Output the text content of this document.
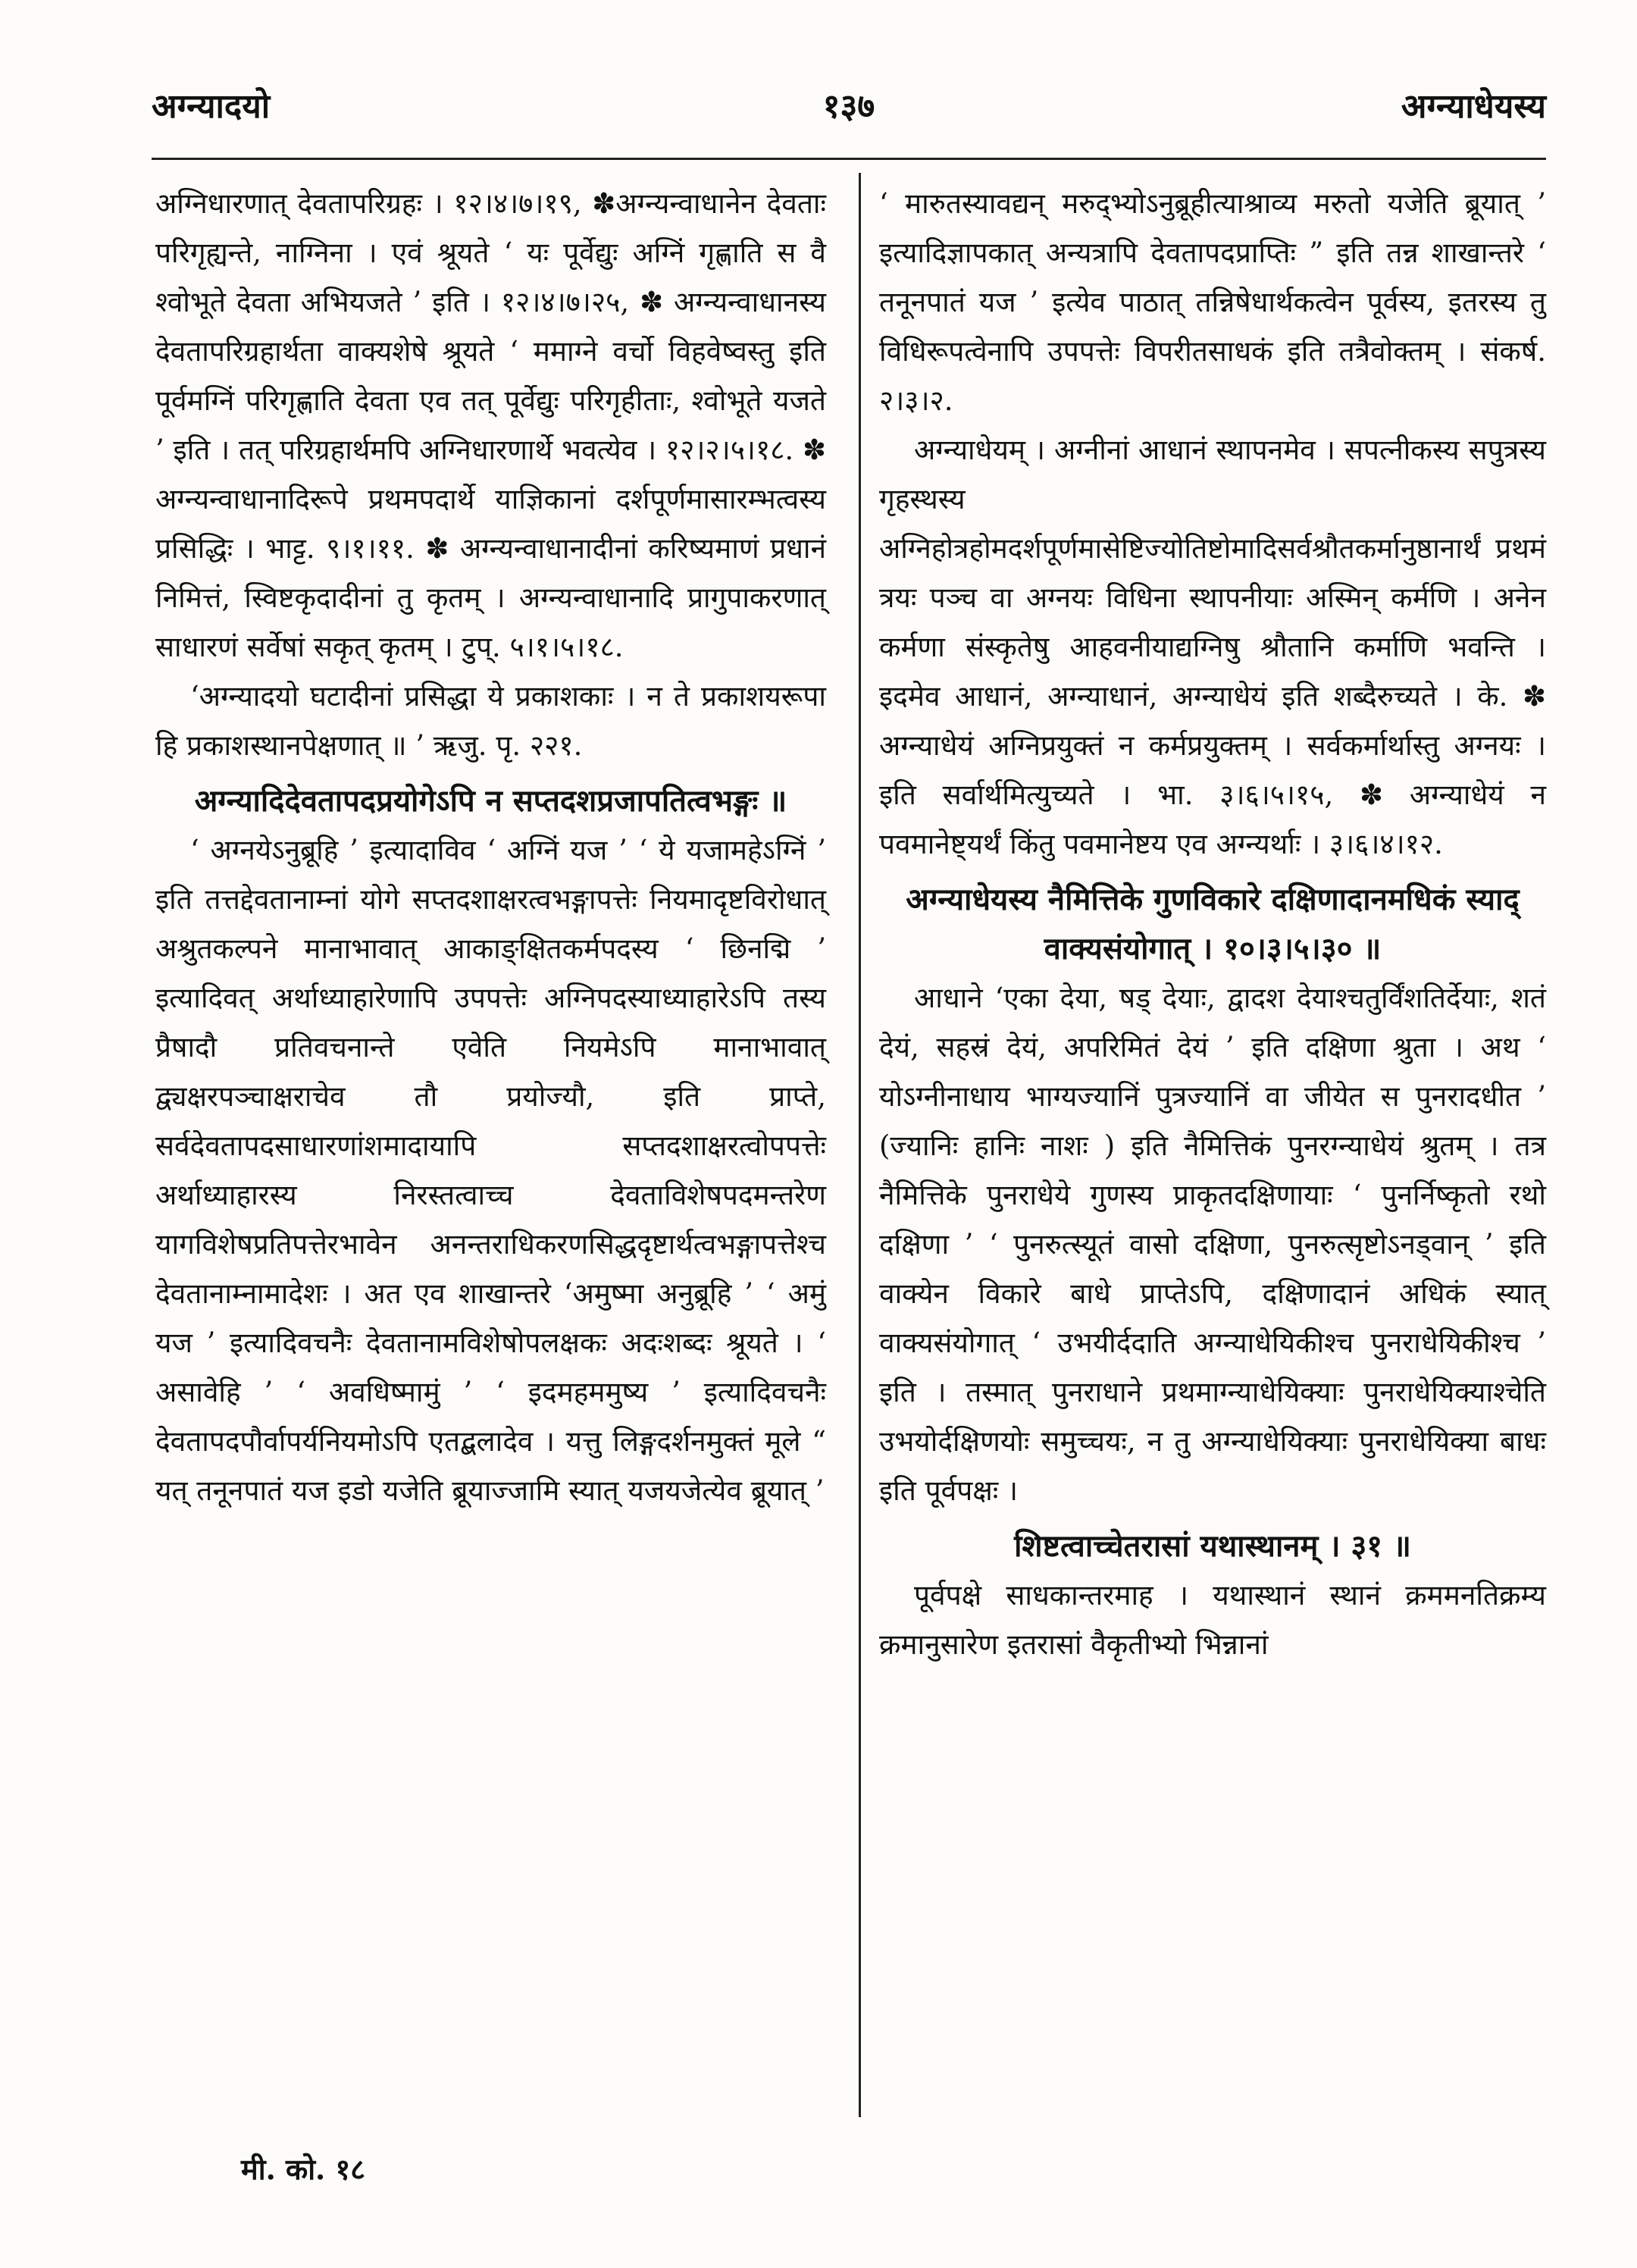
अग्न्यादयो	१३७	अग्न्याधेयस्य

अग्निधारणात् देवतापरिग्रहः । १२।४।७।१९, ✽अग्न्यन्वाधानेन देवताः परिगृह्यन्ते, नाग्निना । एवं श्रूयते ‘ यः पूर्वेद्युः अग्निं गृह्णाति स वै श्वोभूते देवता अभियजते ’ इति । १२।४।७।२५, ✽ अग्न्यन्वाधानस्य देवतापरिग्रहार्थता वाक्यशेषे श्रूयते ‘ ममाग्ने वर्चो विहवेष्वस्तु इति पूर्वमग्निं परिगृह्णाति देवता एव तत् पूर्वेद्युः परिगृहीताः, श्वोभूते यजते ’ इति । तत् परिग्रहार्थमपि अग्निधारणार्थे भवत्येव । १२।२।५।१८. ✽ अग्न्यन्वाधानादिरूपे प्रथमपदार्थे याज्ञिकानां दर्शपूर्णमासारम्भत्वस्य प्रसिद्धिः । भाट्ट. ९।१।११. ✽ अग्न्यन्वाधानादीनां करिष्यमाणं प्रधानं निमित्तं, स्विष्टकृदादीनां तु कृतम् । अग्न्यन्वाधानादि प्रागुपाकरणात् साधारणं सर्वेषां सकृत् कृतम् । टुप्. ५।१।५।१८.

‘अग्न्यादयो घटादीनां प्रसिद्धा ये प्रकाशकाः । न ते प्रकाशयरूपा हि प्रकाशस्थानपेक्षणात् ॥ ’ ऋजु. पृ. २२१.

अग्न्यादिदेवतापदप्रयोगेऽपि न सप्तदशप्रजापतित्वभङ्गः ॥

‘ अग्नयेऽनुब्रूहि ’ इत्यादाविव ‘ अग्निं यज ’ ‘ ये यजामहेऽग्निं ’ इति तत्तद्देवतानाम्नां योगे सप्तदशाक्षरत्वभङ्गापत्तेः नियमादृष्टविरोधात् अश्रुतकल्पने मानाभावात् आकाङ्क्षितकर्मपदस्य ‘ छिनद्मि ’ इत्यादिवत् अर्थाध्याहारेणापि उपपत्तेः अग्निपदस्याध्याहारेऽपि तस्य प्रैषादौ प्रतिवचनान्ते एवेति नियमेऽपि मानाभावात् द्व्यक्षरपञ्चाक्षराचेव तौ प्रयोज्यौ, इति प्राप्ते, सर्वदेवतापदसाधारणांशमादायापि सप्तदशाक्षरत्वोपपत्तेः अर्थाध्याहारस्य निरस्तत्वाच्च देवताविशेषपदमन्तरेण यागविशेषप्रतिपत्तेरभावेन अनन्तराधिकरणसिद्धदृष्टार्थत्वभङ्गापत्तेश्च देवतानाम्नामादेशः । अत एव शाखान्तरे ‘अमुष्मा अनुब्रूहि ’ ‘ अमुं यज ’ इत्यादिवचनैः देवतानामविशेषोपलक्षकः अदःशब्दः श्रूयते । ‘ असावेहि ’ ‘ अवधिष्मामुं ’ ‘ इदमहममुष्य ’ इत्यादिवचनैः देवतापदपौर्वापर्यनियमोऽपि एतद्बलादेव । यत्तु लिङ्गदर्शनमुक्तं मूले “ यत् तनूनपातं यज इडो यजेति ब्रूयाज्जामि स्यात् यजयजेत्येव ब्रूयात् ’

‘ मारुतस्यावद्यन् मरुद्भ्योऽनुब्रूहीत्याश्राव्य मरुतो यजेति ब्रूयात् ’ इत्यादिज्ञापकात् अन्यत्रापि देवतापदप्राप्तिः ” इति तन्न शाखान्तरे ‘ तनूनपातं यज ’ इत्येव पाठात् तन्निषेधार्थकत्वेन पूर्वस्य, इतरस्य तु विधिरूपत्वेनापि उपपत्तेः विपरीतसाधकं इति तत्रैवोक्तम् । संकर्ष. २।३।२.

अग्न्याधेयम् । अग्नीनां आधानं स्थापनमेव । सपत्नीकस्य सपुत्रस्य गृहस्थस्य अग्निहोत्रहोमदर्शपूर्णमासेष्टिज्योतिष्टोमादिसर्वश्रौतकर्मानुष्ठानार्थं प्रथमं त्रयः पञ्च वा अग्नयः विधिना स्थापनीयाः अस्मिन् कर्मणि । अनेन कर्मणा संस्कृतेषु आहवनीयाद्यग्निषु श्रौतानि कर्माणि भवन्ति । इदमेव आधानं, अग्न्याधानं, अग्न्याधेयं इति शब्दैरुच्यते । के. ✽ अग्न्याधेयं अग्निप्रयुक्तं न कर्मप्रयुक्तम् । सर्वकर्मार्थास्तु अग्नयः । इति सर्वार्थमित्युच्यते । भा. ३।६।५।१५, ✽ अग्न्याधेयं न पवमानेष्ट्यर्थं किंतु पवमानेष्टय एव अग्न्यर्थाः । ३।६।४।१२.

अग्न्याधेयस्य नैमित्तिके गुणविकारे दक्षिणादानमधिकं स्याद् वाक्यसंयोगात् । १०।३।५।३० ॥

आधाने ‘एका देया, षड् देयाः, द्वादश देयाश्चतुर्विंशतिर्देयाः, शतं देयं, सहस्रं देयं, अपरिमितं देयं ’ इति दक्षिणा श्रुता । अथ ‘ योऽग्नीनाधाय भाग्यज्यानिं पुत्रज्यानिं वा जीयेत स पुनरादधीत ’ (ज्यानिः हानिः नाशः ) इति नैमित्तिकं पुनरग्न्याधेयं श्रुतम् । तत्र नैमित्तिके पुनराधेये गुणस्य प्राकृतदक्षिणायाः ‘ पुनर्निष्कृतो रथो दक्षिणा ’ ‘ पुनरुत्स्यूतं वासो दक्षिणा, पुनरुत्सृष्टोऽनड्वान् ’ इति वाक्येन विकारे बाधे प्राप्तेऽपि, दक्षिणादानं अधिकं स्यात् वाक्यसंयोगात् ‘ उभयीर्ददाति अग्न्याधेयिकीश्च पुनराधेयिकीश्च ’ इति । तस्मात् पुनराधाने प्रथमाग्न्याधेयिक्याः पुनराधेयिक्याश्चेति उभयोर्दक्षिणयोः समुच्चयः, न तु अग्न्याधेयिक्याः पुनराधेयिक्या बाधः इति पूर्वपक्षः ।

शिष्टत्वाच्चेतरासां यथास्थानम् । ३१ ॥

पूर्वपक्षे साधकान्तरमाह । यथास्थानं स्थानं क्रममनतिक्रम्य क्रमानुसारेण इतरासां वैकृतीभ्यो भिन्नानां

मी. को. १८
